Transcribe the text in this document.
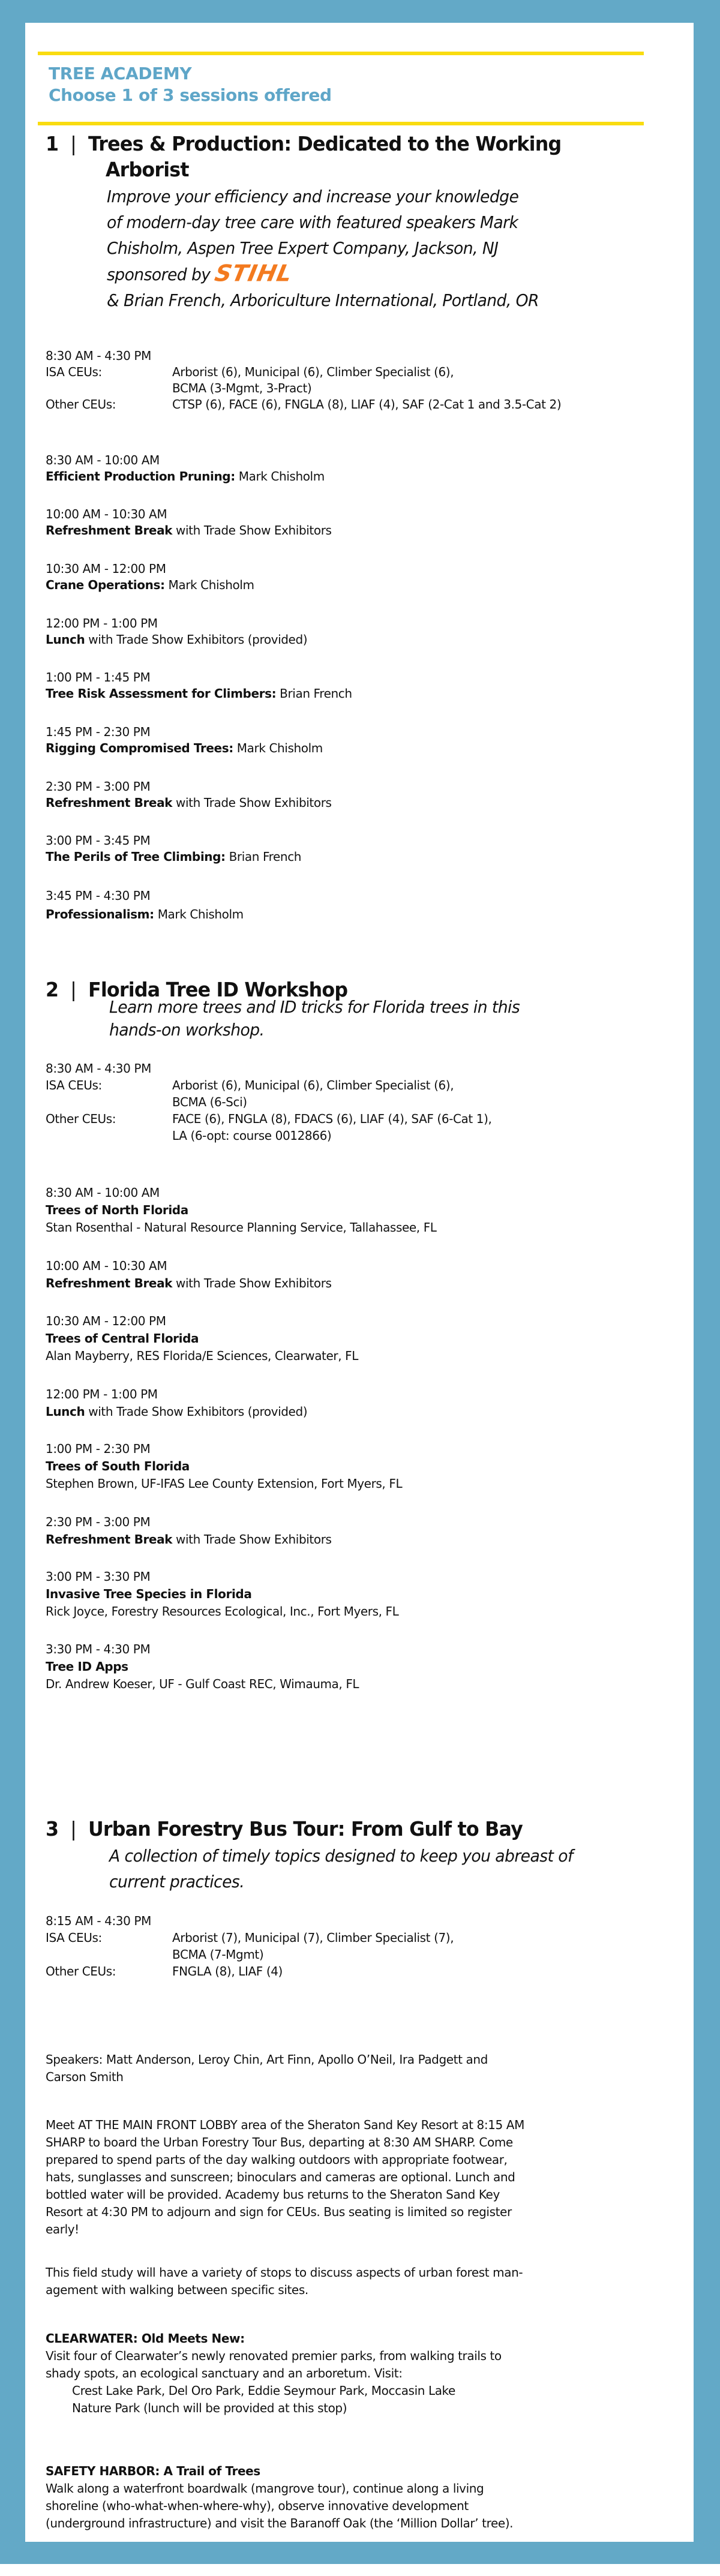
TREE ACADEMY
Choose 1 of 3 sessions offered
1 | Trees & Production: Dedicated to the Working
Arborist
Improve your efficiency and increase your knowledge
of modern-day tree care with featured speakers Mark
Chisholm, Aspen Tree Expert Company, Jackson, NJ
sponsored bySTIHL
& Brian French, Arboriculture International, Portland, OR
8:30 AM - 4:30 PM
ISA CEUs:	Arborist (6), Municipal (6), Climber Specialist (6),
BCMA (3-Mgmt, 3-Pract)
Other CEUs:	CTSP (6), FACE (6), FNGLA (8), LIAF (4), SAF (2-Cat 1 and 3.5-Cat 2)
8:30 AM - 10:00 AM
Efficient Production Pruning: Mark Chisholm
10:00 AM - 10:30 AM
Refreshment Break with Trade Show Exhibitors
10:30 AM - 12:00 PM
Crane Operations: Mark Chisholm
12:00 PM - 1:00 PM
Lunch with Trade Show Exhibitors (provided)
1:00 PM - 1:45 PM
Tree Risk Assessment for Climbers: Brian French
1:45 PM - 2:30 PM
Rigging Compromised Trees: Mark Chisholm
2:30 PM - 3:00 PM
Refreshment Break with Trade Show Exhibitors
3:00 PM - 3:45 PM
The Perils of Tree Climbing: Brian French
3:45 PM - 4:30 PM
Professionalism: Mark Chisholm
2 | Florida Tree ID Workshop
Learn more trees and ID tricks for Florida trees in this
hands-on workshop.
8:30 AM - 4:30 PM
ISA CEUs:	Arborist (6), Municipal (6), Climber Specialist (6),
BCMA (6-Sci)
Other CEUs:	FACE (6), FNGLA (8), FDACS (6), LIAF (4), SAF (6-Cat 1),
LA (6-opt: course 0012866)
8:30 AM - 10:00 AM
Trees of North Florida
Stan Rosenthal - Natural Resource Planning Service, Tallahassee, FL
10:00 AM - 10:30 AM
Refreshment Break with Trade Show Exhibitors
10:30 AM - 12:00 PM
Trees of Central Florida
Alan Mayberry, RES Florida/E Sciences, Clearwater, FL
12:00 PM - 1:00 PM
Lunch with Trade Show Exhibitors (provided)
1:00 PM - 2:30 PM
Trees of South Florida
Stephen Brown, UF-IFAS Lee County Extension, Fort Myers, FL
2:30 PM - 3:00 PM
Refreshment Break with Trade Show Exhibitors
3:00 PM - 3:30 PM
Invasive Tree Species in Florida
Rick Joyce, Forestry Resources Ecological, Inc., Fort Myers, FL
3:30 PM - 4:30 PM
Tree ID Apps
Dr. Andrew Koeser, UF - Gulf Coast REC, Wimauma, FL
3 | Urban Forestry Bus Tour: From Gulf to Bay
A collection of timely topics designed to keep you abreast of
current practices.
8:15 AM - 4:30 PM
ISA CEUs:	Arborist (7), Municipal (7), Climber Specialist (7),
BCMA (7-Mgmt)
Other CEUs:	FNGLA (8), LIAF (4)
Speakers: Matt Anderson, Leroy Chin, Art Finn, Apollo O’Neil, Ira Padgett and
Carson Smith
Meet AT THE MAIN FRONT LOBBY area of the Sheraton Sand Key Resort at 8:15 AM
SHARP to board the Urban Forestry Tour Bus, departing at 8:30 AM SHARP. Come
prepared to spend parts of the day walking outdoors with appropriate footwear,
hats, sunglasses and sunscreen; binoculars and cameras are optional. Lunch and
bottled water will be provided. Academy bus returns to the Sheraton Sand Key
Resort at 4:30 PM to adjourn and sign for CEUs. Bus seating is limited so register
early!
This field study will have a variety of stops to discuss aspects of urban forest man-
agement with walking between specific sites.
CLEARWATER: Old Meets New:
Visit four of Clearwater’s newly renovated premier parks, from walking trails to
shady spots, an ecological sanctuary and an arboretum. Visit:
Crest Lake Park, Del Oro Park, Eddie Seymour Park, Moccasin Lake
Nature Park (lunch will be provided at this stop)
SAFETY HARBOR: A Trail of Trees
Walk along a waterfront boardwalk (mangrove tour), continue along a living
shoreline (who-what-when-where-why), observe innovative development
(underground infrastructure) and visit the Baranoff Oak (the ‘Million Dollar’ tree).
